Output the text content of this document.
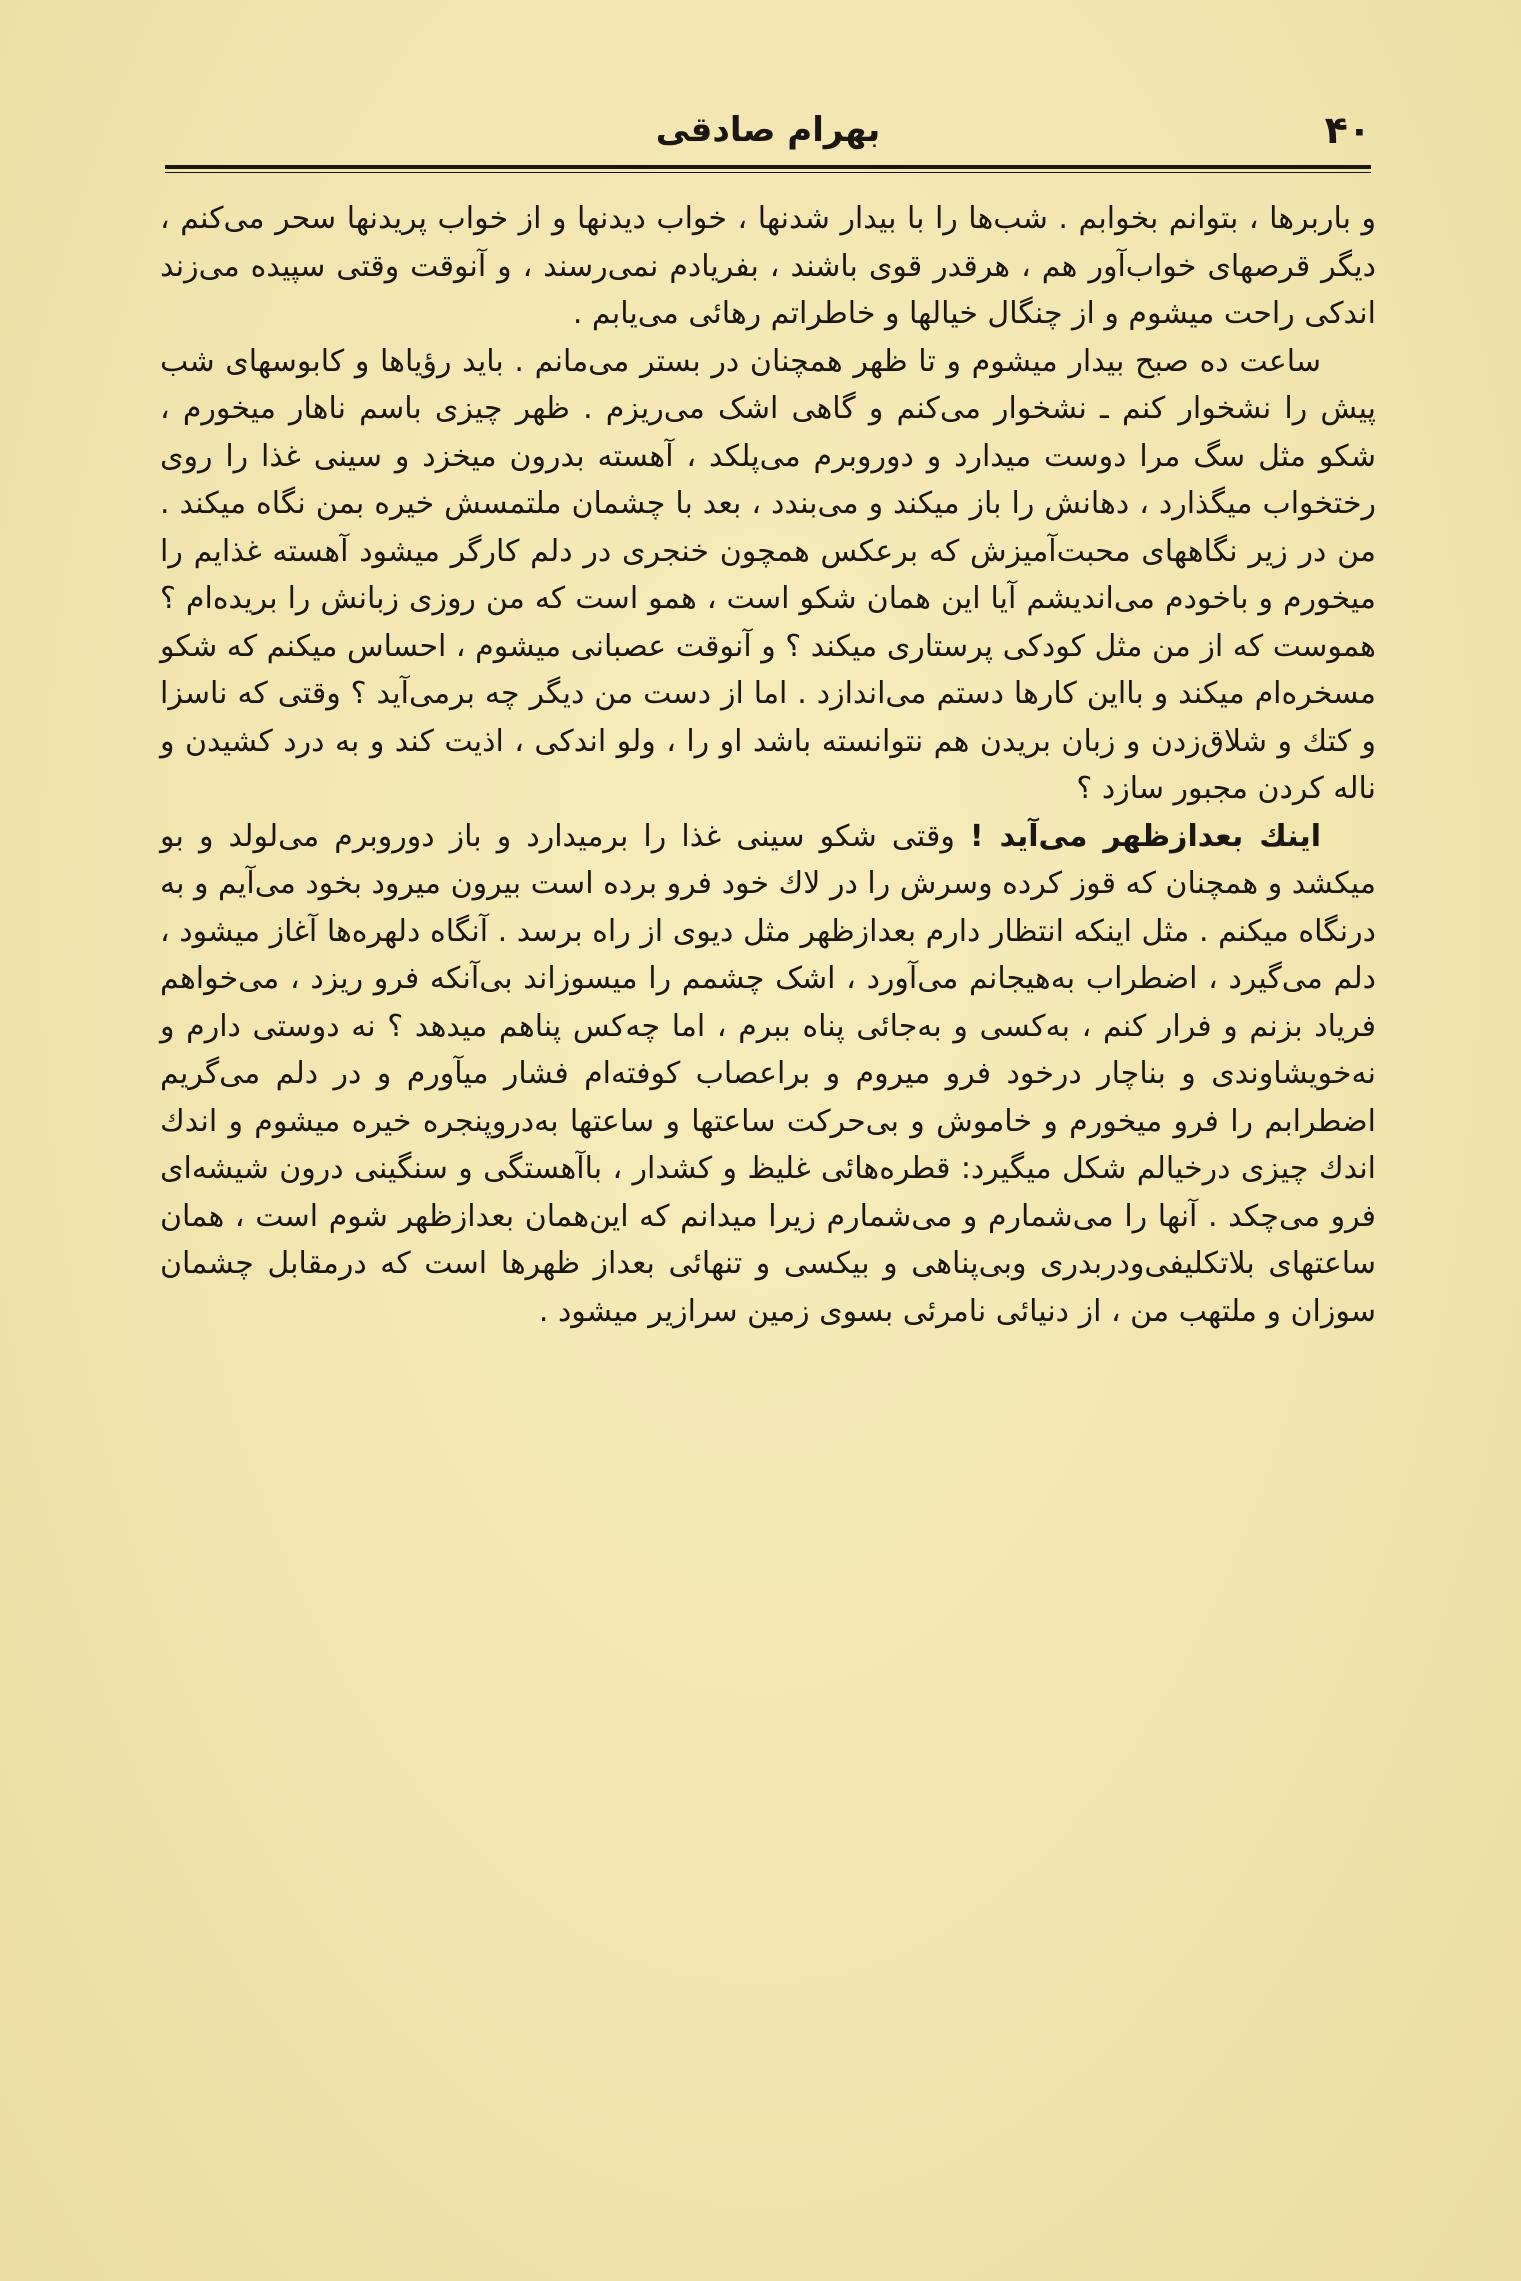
۴۰
بهرام صادقی

و باربرها ، بتوانم بخوابم . شب‌ها را با بیدار شدنها ، خواب دیدنها و از خواب پریدنها سحر می‌کنم ، دیگر قرصهای خواب‌آور هم ، هرقدر قوی باشند ، بفریادم نمی‌رسند ، و آنوقت وقتی سپیده می‌زند اندکی راحت میشوم و از چنگال خیالها و خاطراتم رهائی می‌یابم .

ساعت ده صبح بیدار میشوم و تا ظهر همچنان در بستر می‌مانم . باید رؤیاها و کابوسهای شب پیش را نشخوار کنم ـ نشخوار می‌کنم و گاهی اشک می‌ریزم . ظهر چیزی باسم ناهار میخورم ، شکو مثل سگ مرا دوست میدارد و دوروبرم می‌پلکد ، آهسته بدرون میخزد و سینی غذا را روی رختخواب میگذارد ، دهانش را باز میکند و می‌بندد ، بعد با چشمان ملتمسش خیره بمن نگاه میکند . من در زیر نگاههای محبت‌آمیزش که برعکس همچون خنجری در دلم کارگر میشود آهسته غذایم را میخورم و باخودم می‌اندیشم آیا این همان شکو است ، همو است که من روزی زبانش را بریده‌ام ؟ هموست که از من مثل کودکی پرستاری میکند ؟ و آنوقت عصبانی میشوم ، احساس میکنم که شکو مسخره‌ام میکند و بااین کارها دستم می‌اندازد . اما از دست من دیگر چه برمی‌آید ؟ وقتی که ناسزا و کتك و شلاق‌زدن و زبان بریدن هم نتوانسته باشد او را ، ولو اندکی ، اذیت کند و به درد کشیدن و ناله کردن مجبور سازد ؟

اینك بعدازظهر می‌آید ! وقتی شکو سینی غذا را برمیدارد و باز دوروبرم می‌لولد و بو میکشد و همچنان که قوز کرده وسرش را در لاك خود فرو برده است بیرون میرود بخود می‌آیم و به درنگاه میکنم . مثل اینکه انتظار دارم بعدازظهر مثل دیوی از راه برسد . آنگاه دلهره‌ها آغاز میشود ، دلم می‌گیرد ، اضطراب به‌هیجانم می‌آورد ، اشک چشمم را میسوزاند بی‌آنکه فرو ریزد ، می‌خواهم فریاد بزنم و فرار کنم ، به‌کسی و به‌جائی پناه ببرم ، اما چه‌کس پناهم میدهد ؟ نه دوستی دارم و نه‌خویشاوندی و بناچار درخود فرو میروم و براعصاب کوفته‌ام فشار میآورم و در دلم می‌گریم اضطرابم را فرو میخورم و خاموش و بی‌حرکت ساعتها و ساعتها به‌درو‌پنجره خیره میشوم و اندك اندك چیزی درخیالم شکل میگیرد: قطره‌هائی غلیظ و کشدار ، باآهستگی و سنگینی درون شیشه‌ای فرو می‌چکد . آنها را می‌شمارم و می‌شمارم زیرا میدانم که این‌همان بعدازظهر شوم است ، همان ساعتهای بلاتکلیفی‌ودربدری وبی‌پناهی و بیکسی و تنهائی بعداز ظهرها است که درمقابل چشمان سوزان و ملتهب من ، از دنیائی نامرئی بسوی زمین سرازیر میشود .
